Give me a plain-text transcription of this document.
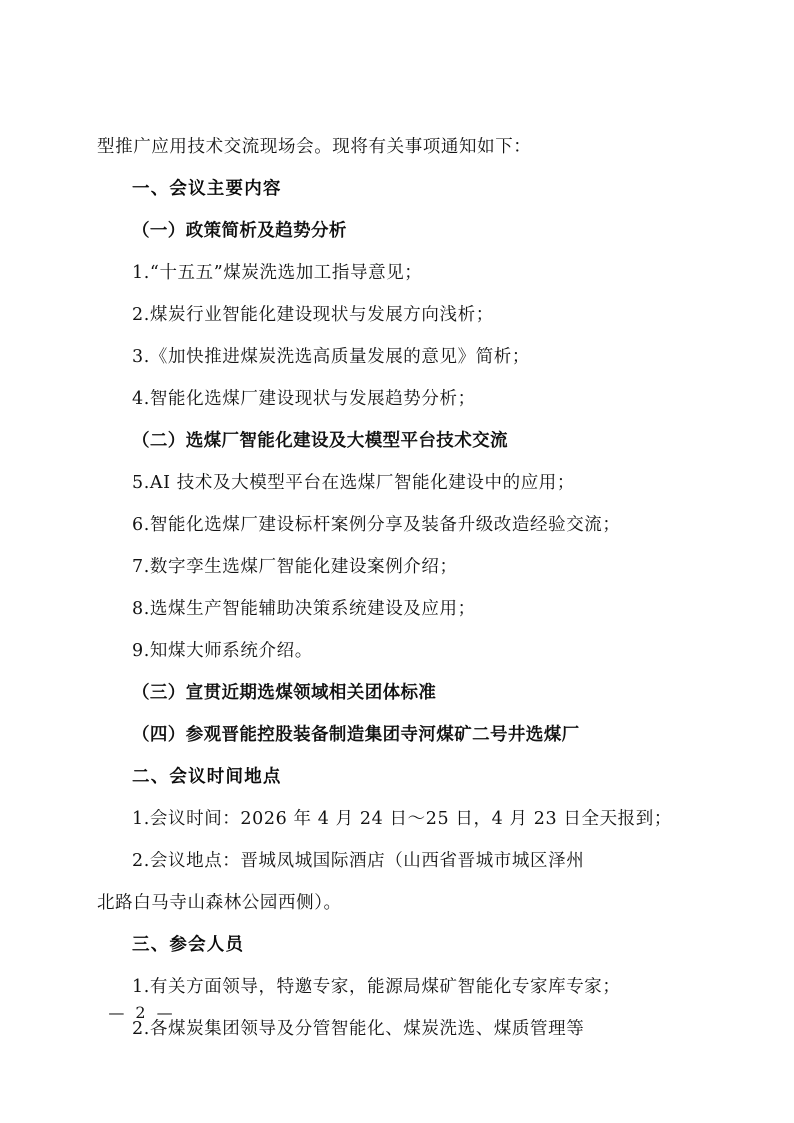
型推广应用技术交流现场会。现将有关事项通知如下：
一、会议主要内容
（一）政策简析及趋势分析
1.“十五五”煤炭洗选加工指导意见；
2.煤炭行业智能化建设现状与发展方向浅析；
3.《加快推进煤炭洗选高质量发展的意见》简析；
4.智能化选煤厂建设现状与发展趋势分析；
（二）选煤厂智能化建设及大模型平台技术交流
5.AI 技术及大模型平台在选煤厂智能化建设中的应用；
6.智能化选煤厂建设标杆案例分享及装备升级改造经验交流；
7.数字孪生选煤厂智能化建设案例介绍；
8.选煤生产智能辅助决策系统建设及应用；
9.知煤大师系统介绍。
（三）宣贯近期选煤领域相关团体标准
（四）参观晋能控股装备制造集团寺河煤矿二号井选煤厂
二、会议时间地点
1.会议时间：2026 年 4 月 24 日～25 日，4 月 23 日全天报到；
2.会议地点：晋城凤城国际酒店（山西省晋城市城区泽州
北路白马寺山森林公园西侧）。
三、参会人员
1.有关方面领导，特邀专家，能源局煤矿智能化专家库专家；
2.各煤炭集团领导及分管智能化、煤炭洗选、煤质管理等
— 2 —
